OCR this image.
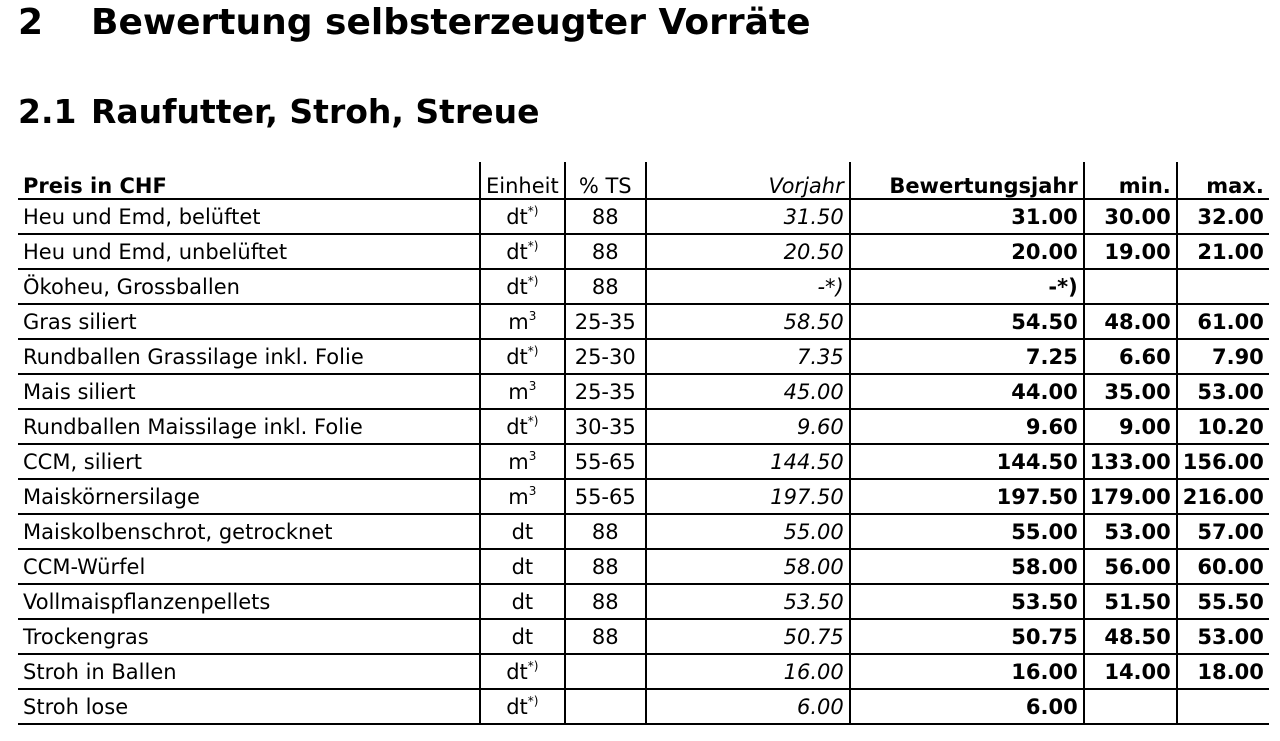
2 Bewertung selbsterzeugter Vorräte
2.1 Raufutter, Stroh, Streue
Preis in CHF	Einheit	% TS	Vorjahr	Bewertungsjahr	min.	max.
Heu und Emd, belüftet	dt*)	88	31.50	31.00	30.00	32.00
Heu und Emd, unbelüftet	dt*)	88	20.50	20.00	19.00	21.00
Ökoheu, Grossballen	dt*)	88	-*)	-*)		
Gras siliert	$m^3$	25-35	58.50	54.50	48.00	61.00
Rundballen Grassilage inkl. Folie	dt*)	25-30	7.35	7.25	6.60	7.90
Mais siliert	$m^3$	25-35	45.00	44.00	35.00	53.00
Rundballen Maissilage inkl. Folie	dt*)	30-35	9.60	9.60	9.00	10.20
CCM, siliert	$m^3$	55-65	144.50	144.50	133.00	156.00
Maiskörnersilage	$m^3$	55-65	197.50	197.50	179.00	216.00
Maiskolbenschrot, getrocknet	dt	88	55.00	55.00	53.00	57.00
CCM-Würfel	dt	88	58.00	58.00	56.00	60.00
Vollmaispflanzenpellets	dt	88	53.50	53.50	51.50	55.50
Trockengras	dt	88	50.75	50.75	48.50	53.00
Stroh in Ballen	dt*)		16.00	16.00	14.00	18.00
Stroh lose	dt*)		6.00	6.00		
